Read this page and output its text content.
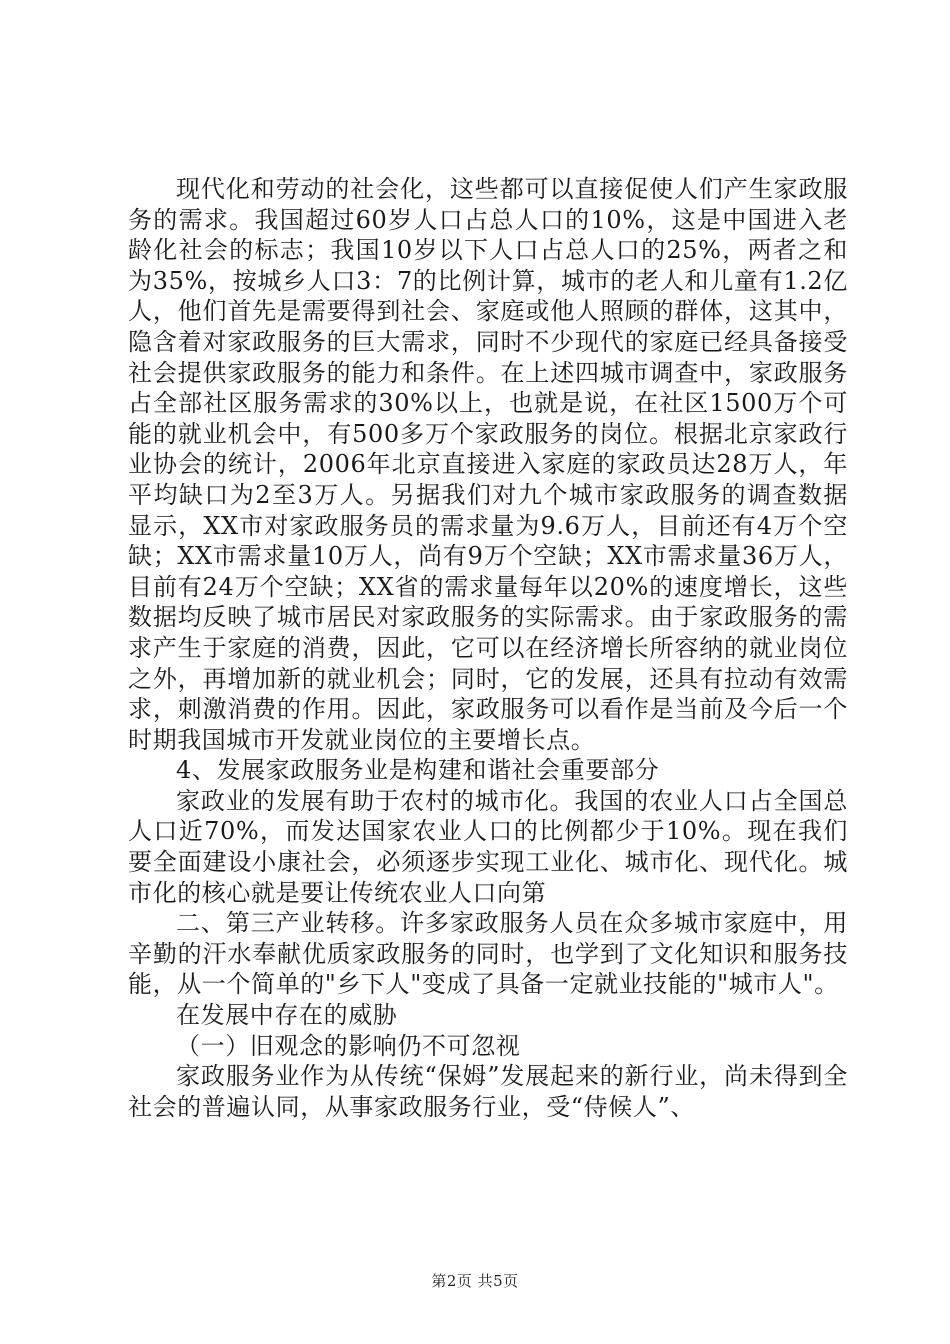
现代化和劳动的社会化，这些都可以直接促使人们产生家政服务的需求。我国超过60岁人口占总人口的10%，这是中国进入老龄化社会的标志；我国10岁以下人口占总人口的25%，两者之和为35%，按城乡人口3：7的比例计算，城市的老人和儿童有1.2亿人，他们首先是需要得到社会、家庭或他人照顾的群体，这其中，隐含着对家政服务的巨大需求，同时不少现代的家庭已经具备接受社会提供家政服务的能力和条件。在上述四城市调查中，家政服务占全部社区服务需求的30%以上，也就是说，在社区1500万个可能的就业机会中，有500多万个家政服务的岗位。根据北京家政行业协会的统计，2006年北京直接进入家庭的家政员达28万人，年平均缺口为2至3万人。另据我们对九个城市家政服务的调查数据显示，XX市对家政服务员的需求量为9.6万人，目前还有4万个空缺；XX市需求量10万人，尚有9万个空缺；XX市需求量36万人，目前有24万个空缺；XX省的需求量每年以20%的速度增长，这些数据均反映了城市居民对家政服务的实际需求。由于家政服务的需求产生于家庭的消费，因此，它可以在经济增长所容纳的就业岗位之外，再增加新的就业机会；同时，它的发展，还具有拉动有效需求，刺激消费的作用。因此，家政服务可以看作是当前及今后一个时期我国城市开发就业岗位的主要增长点。

4、发展家政服务业是构建和谐社会重要部分

家政业的发展有助于农村的城市化。我国的农业人口占全国总人口近70%，而发达国家农业人口的比例都少于10%。现在我们要全面建设小康社会，必须逐步实现工业化、城市化、现代化。城市化的核心就是要让传统农业人口向第

二、第三产业转移。许多家政服务人员在众多城市家庭中，用辛勤的汗水奉献优质家政服务的同时，也学到了文化知识和服务技能，从一个简单的"乡下人"变成了具备一定就业技能的"城市人"。

在发展中存在的威胁

（一）旧观念的影响仍不可忽视

家政服务业作为从传统“保姆”发展起来的新行业，尚未得到全社会的普遍认同，从事家政服务行业，受“侍候人”、

第2页 共5页
